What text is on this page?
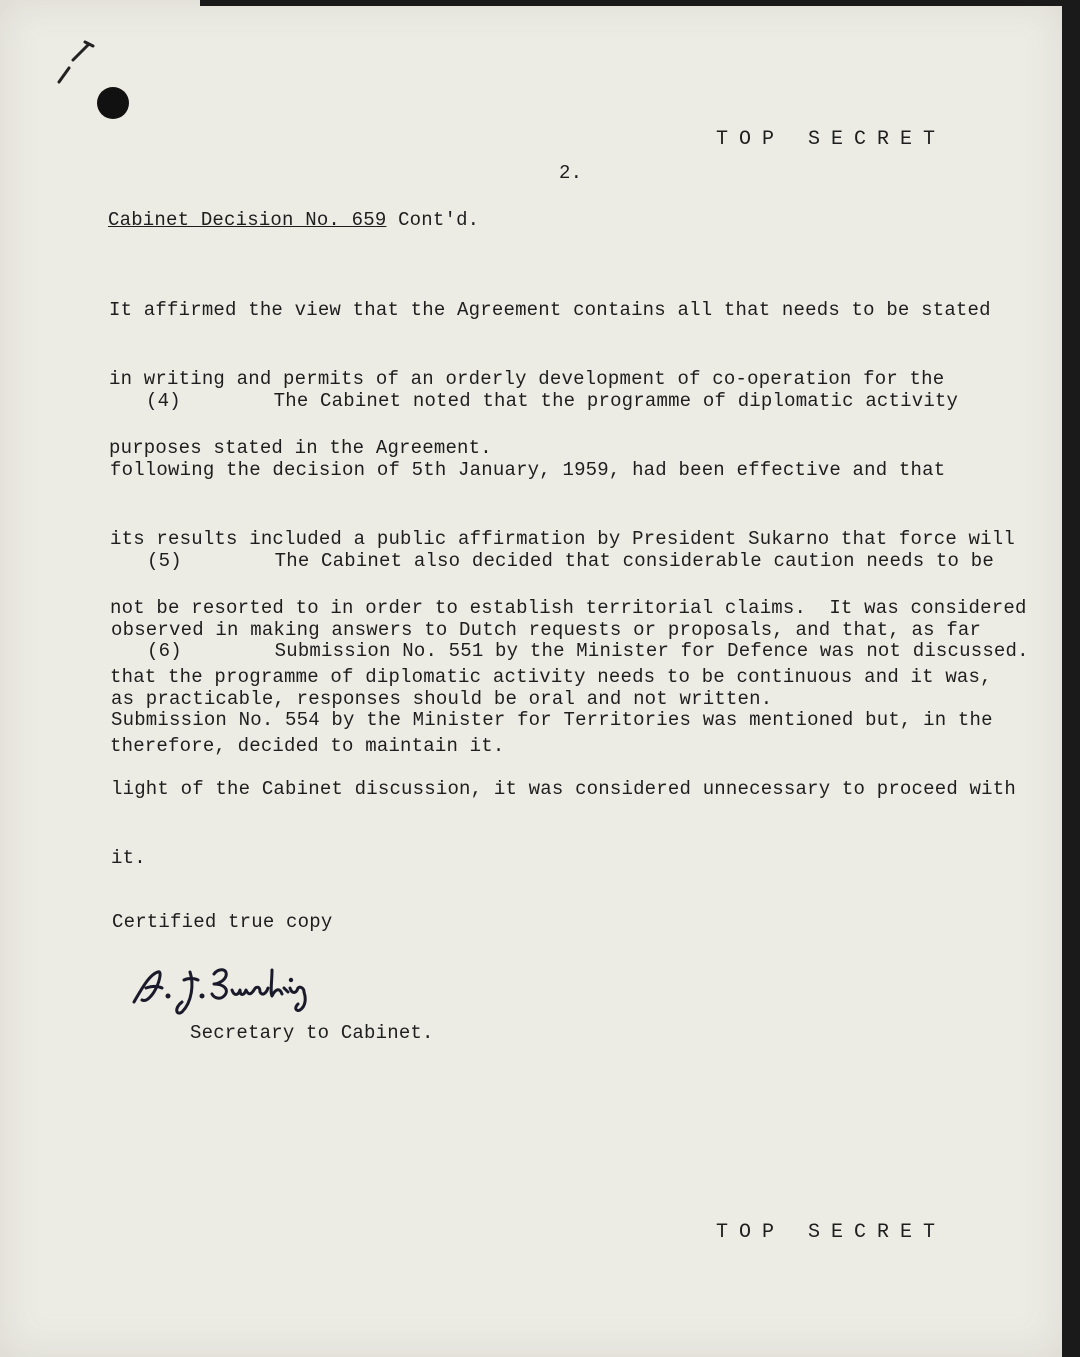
TOP SECRET
2.
Cabinet Decision No. 659 Cont'd.

It affirmed the view that the Agreement contains all that needs to be stated

in writing and permits of an orderly development of co-operation for the

purposes stated in the Agreement.

(4)        The Cabinet noted that the programme of diplomatic activity

following the decision of 5th January, 1959, had been effective and that

its results included a public affirmation by President Sukarno that force will

not be resorted to in order to establish territorial claims.  It was considered

that the programme of diplomatic activity needs to be continuous and it was,

therefore, decided to maintain it.

(5)        The Cabinet also decided that considerable caution needs to be

observed in making answers to Dutch requests or proposals, and that, as far

as practicable, responses should be oral and not written.

(6)        Submission No. 551 by the Minister for Defence was not discussed.

Submission No. 554 by the Minister for Territories was mentioned but, in the

light of the Cabinet discussion, it was considered unnecessary to proceed with

it.

Certified true copy
Secretary to Cabinet.
TOP SECRET
